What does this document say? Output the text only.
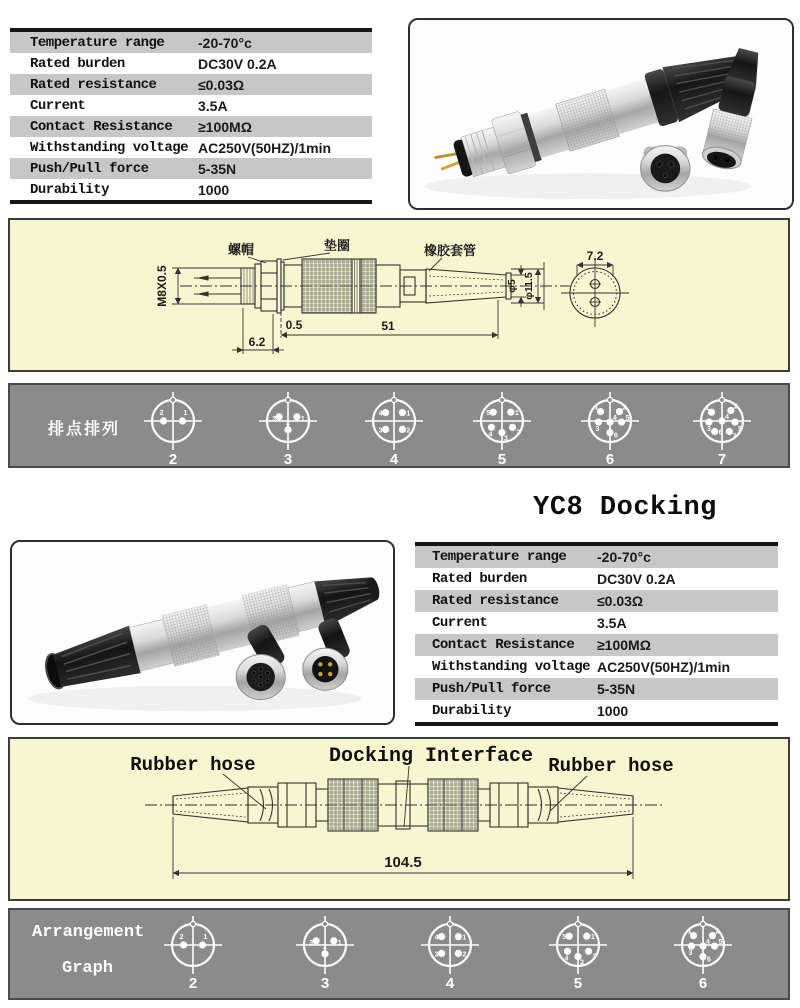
Temperature range	-20-70°c
Rated burden	DC30V 0.2A
Rated resistance	≤0.03Ω
Current	3.5A
Contact Resistance	≥100MΩ
Withstanding voltage AC250V(50HZ)/1min
Push/Pull force	5-35N
Durability	1000
螺帽	垫圈	橡胶套管
M8X0.5
0.5	51
6.2
φ5 φ11.5
7.2
排点排列
2	1
2
3	1
2
3
4	1
3	2
4
5	1
4
3
2
5
1	2
3
4 5
6
6
1	2
3
4
5
6
7
7
YC8 Docking
Temperature range	-20-70°c
Rated burden	DC30V 0.2A
Rated resistance	≤0.03Ω
Current	3.5A
Contact Resistance	≥100MΩ
Withstanding voltage AC250V(50HZ)/1min
Push/Pull force	5-35N
Durability	1000
Rubber hose	Docking Interface Rubber hose
104.5
Arrangement
Graph
2	1
2
3	1
2
3
4	1
3	2
4
5	1
4
3
2
5
1	2
3
4 5
6
6
